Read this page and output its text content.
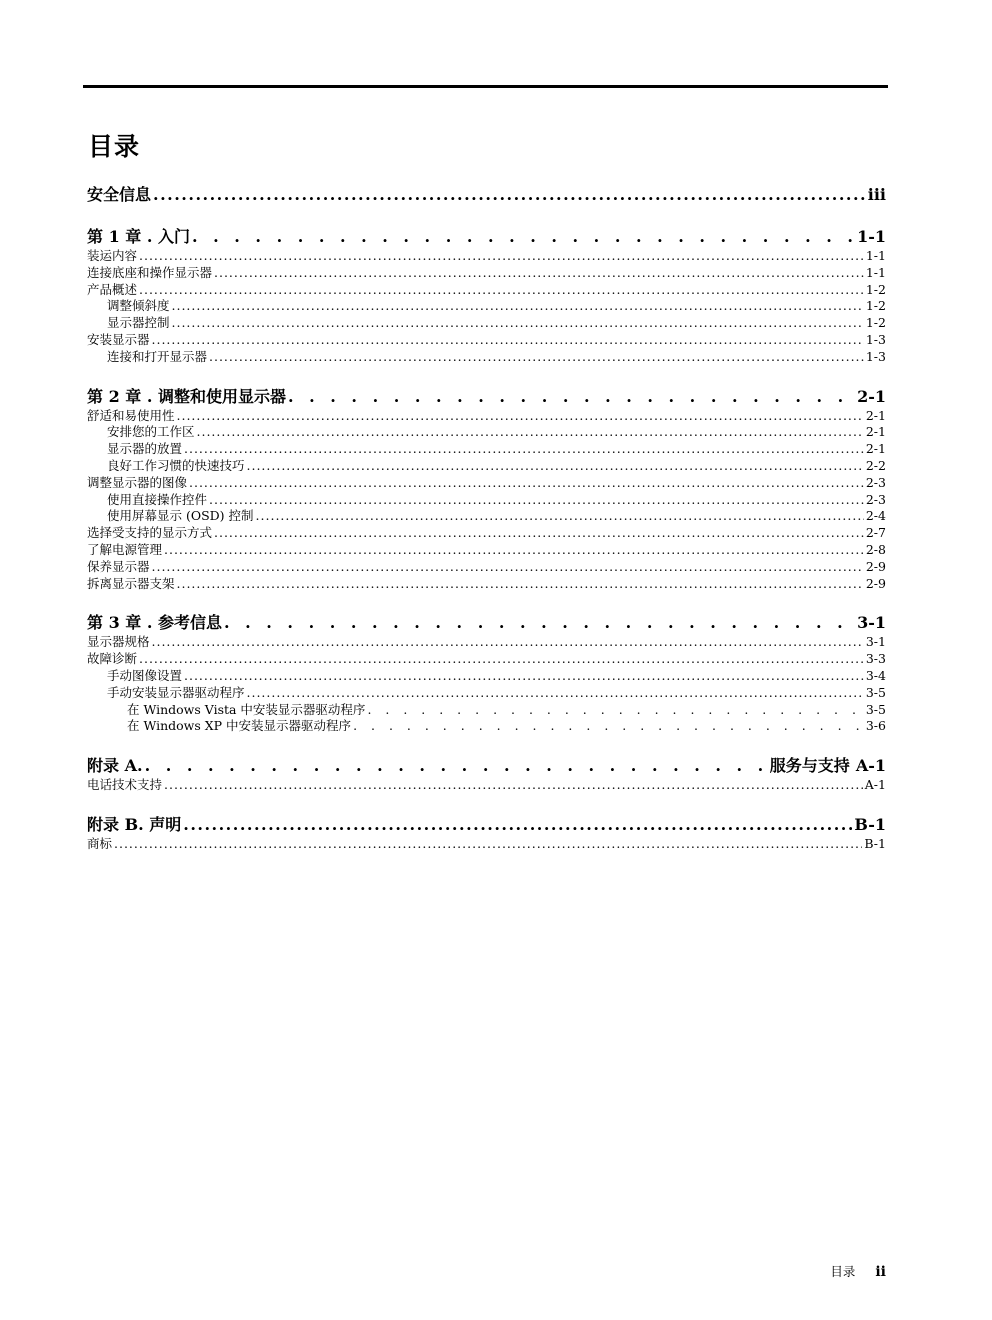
目录
安全信息 .....	iii
第 1 章 . 入门 . . .	1-1
装运内容 .....	1-1
连接底座和操作显示器 .....	1-1
产品概述 .....	1-2
调整倾斜度 .....	1-2
显示器控制 .....	1-2
安装显示器 .....	1-3
连接和打开显示器 .....	1-3
第 2 章 . 调整和使用显示器 . . .	2-1
舒适和易使用性 .....	2-1
安排您的工作区 .....	2-1
显示器的放置 .....	2-1
良好工作习惯的快速技巧 .....	2-2
调整显示器的图像 .....	2-3
使用直接操作控件 .....	2-3
使用屏幕显示 (OSD) 控制 .....	2-4
选择受支持的显示方式 .....	2-7
了解电源管理 .....	2-8
保养显示器 .....	2-9
拆离显示器支架 .....	2-9
第 3 章 . 参考信息 . . .	3-1
显示器规格 .....	3-1
故障诊断 .....	3-3
手动图像设置 .....	3-4
手动安装显示器驱动程序 .....	3-5
在 Windows Vista 中安装显示器驱动程序 . . .	3-5
在 Windows XP 中安装显示器驱动程序 . . .	3-6
附录 A. . . .	服务与支持 A-1
电话技术支持 .....	A-1
附录 B. 声明 .....	B-1
商标 .....	B-1
目录 ii
